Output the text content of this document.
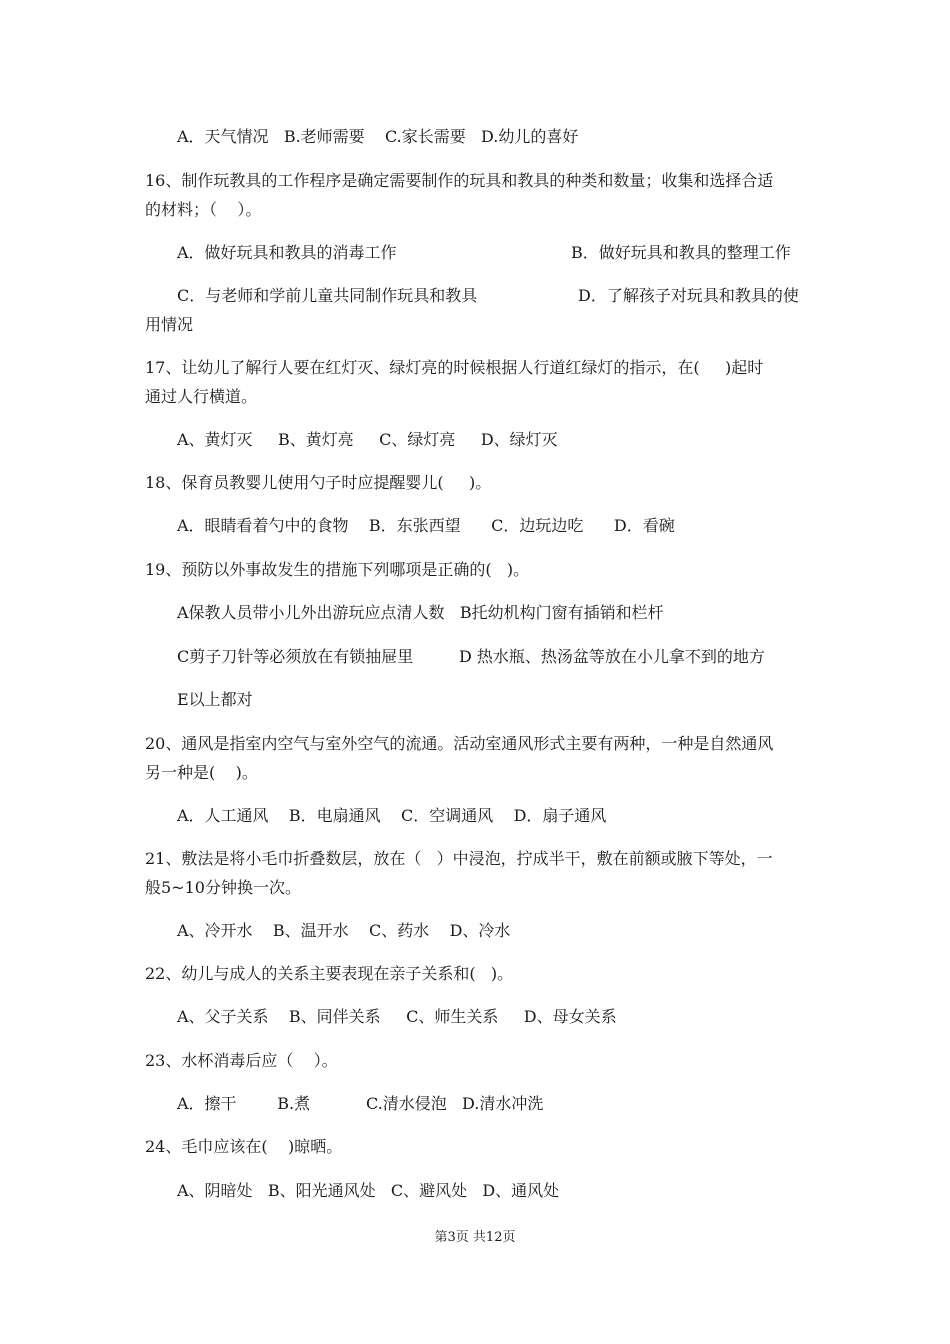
A．天气情况   B.老师需要    C.家长需要   D.幼儿的喜好
16、制作玩教具的工作程序是确定需要制作的玩具和教具的种类和数量；收集和选择合适
的材料；（    ）。
A．做好玩具和教具的消毒工作	B．做好玩具和教具的整理工作
C．与老师和学前儿童共同制作玩具和教具	D．了解孩子对玩具和教具的使
用情况
17、让幼儿了解行人要在红灯灭、绿灯亮的时候根据人行道红绿灯的指示，在(     )起时
通过人行横道。
A、黄灯灭     B、黄灯亮     C、绿灯亮     D、绿灯灭
18、保育员教婴儿使用勺子时应提醒婴儿(     )。
A．眼睛看着勺中的食物    B．东张西望      C．边玩边吃      D．看碗
19、预防以外事故发生的措施下列哪项是正确的(   )。
A保教人员带小儿外出游玩应点清人数   B托幼机构门窗有插销和栏杆
C剪子刀针等必须放在有锁抽屉里         D 热水瓶、热汤盆等放在小儿拿不到的地方
E以上都对
20、通风是指室内空气与室外空气的流通。活动室通风形式主要有两种，一种是自然通风
另一种是(    )。
A．人工通风    B．电扇通风    C．空调通风    D．扇子通风
21、敷法是将小毛巾折叠数层，放在（   ）中浸泡，拧成半干，敷在前额或腋下等处，一
般5~10分钟换一次。
A、冷开水    B、温开水    C、药水    D、冷水
22、幼儿与成人的关系主要表现在亲子关系和(   )。
A、父子关系    B、同伴关系     C、师生关系     D、母女关系
23、水杯消毒后应（    ）。
A．擦干        B.煮           C.清水侵泡   D.清水冲洗
24、毛巾应该在(    )晾晒。
A、阴暗处   B、阳光通风处   C、避风处   D、通风处
第3页 共12页
